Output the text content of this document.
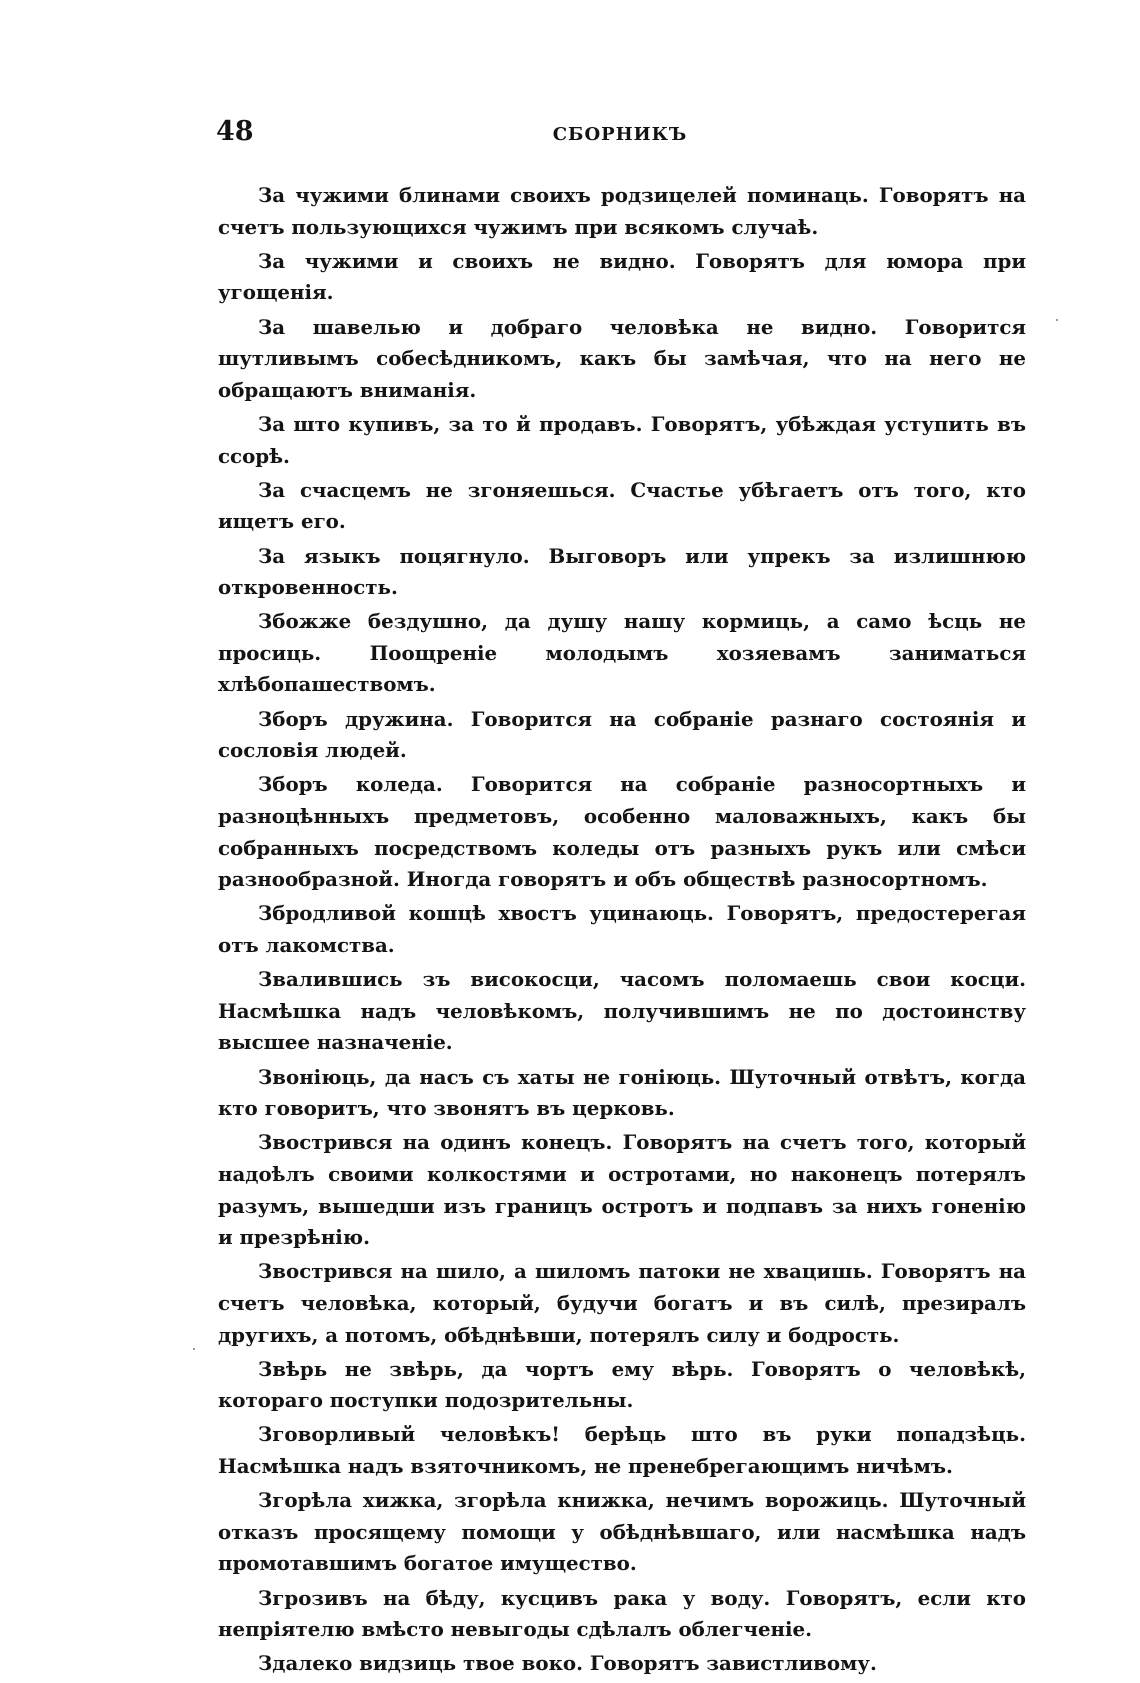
48	СБОРНИКЪ

За чужими блинами своихъ родзицелей поминаць. Говорятъ на счетъ пользующихся чужимъ при всякомъ случаѣ.

За чужими и своихъ не видно. Говорятъ для юмора при угощенія.

За шавелью и добраго человѣка не видно. Говорится шутливымъ собесѣдникомъ, какъ бы замѣчая, что на него не обращаютъ вниманія.

За што купивъ, за то й продавъ. Говорятъ, убѣждая уступить въ ссорѣ.

За счасцемъ не згоняешься. Счастье убѣгаетъ отъ того, кто ищетъ его.

За языкъ поцягнуло. Выговоръ или упрекъ за излишнюю откровенность.

Збожже бездушно, да душу нашу кормиць, а само ѣсць не просиць. Поощреніе молодымъ хозяевамъ заниматься хлѣбопашествомъ.

Зборъ дружина. Говорится на собраніе разнаго состоянія и сословія людей.

Зборъ коледа. Говорится на собраніе разносортныхъ и разноцѣнныхъ предметовъ, особенно маловажныхъ, какъ бы собранныхъ посредствомъ коледы отъ разныхъ рукъ или смѣси разнообразной. Иногда говорятъ и объ обществѣ разносортномъ.

Збродливой кошцѣ хвостъ уцинаюць. Говорятъ, предостерегая отъ лакомства.

Звалившись зъ високосци, часомъ поломаешь свои косци. Насмѣшка надъ человѣкомъ, получившимъ не по достоинству высшее назначеніе.

Звоніюць, да насъ съ хаты не гоніюць. Шуточный отвѣтъ, когда кто говоритъ, что звонятъ въ церковь.

Звострився на одинъ конецъ. Говорятъ на счетъ того, который надоѣлъ своими колкостями и остротами, но наконецъ потерялъ разумъ, вышедши изъ границъ остротъ и подпавъ за нихъ гоненію и презрѣнію.

Звострився на шило, а шиломъ патоки не хвацишь. Говорятъ на счетъ человѣка, который, будучи богатъ и въ силѣ, презиралъ другихъ, а потомъ, обѣднѣвши, потерялъ силу и бодрость.

Звѣрь не звѣрь, да чортъ ему вѣрь. Говорятъ о человѣкѣ, котораго поступки подозрительны.

Зговорливый человѣкъ! берѣць што въ руки попадзѣць. Насмѣшка надъ взяточникомъ, не пренебрегающимъ ничѣмъ.

Згорѣла хижка, згорѣла книжка, нечимъ ворожиць. Шуточный отказъ просящему помощи у обѣднѣвшаго, или насмѣшка надъ промотавшимъ богатое имущество.

Згрозивъ на бѣду, кусцивъ рака у воду. Говорятъ, если кто непріятелю вмѣсто невыгоды сдѣлалъ облегченіе.

Здалеко видзиць твое воко. Говорятъ завистливому.
